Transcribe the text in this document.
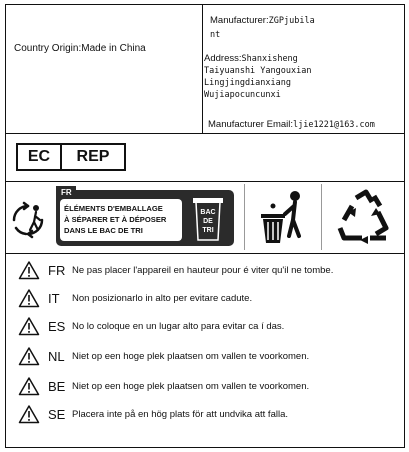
Country Origin:Made in China
Manufacturer:ZGPjubila
nt
Address:Shanxisheng
Taiyuanshi Yangouxian
Lingjingdianxiang
Wujiapocuncunxi
Manufacturer Email:ljie1221@163.com
EC	REP
FR
ÉLÉMENTS D'EMBALLAGE
À SÉPARER ET À DÉPOSER
DANS LE BAC DE TRI
BAC
DE
TRI
FR Ne pas placer l'appareil en hauteur pour é viter qu'il ne tombe.
IT	Non posizionarlo in alto per evitare cadute.
ES No lo coloque en un lugar alto para evitar ca í das.
NL Niet op een hoge plek plaatsen om vallen te voorkomen.
BE Niet op een hoge plek plaatsen om vallen te voorkomen.
SE Placera inte på en hög plats för att undvika att falla.
